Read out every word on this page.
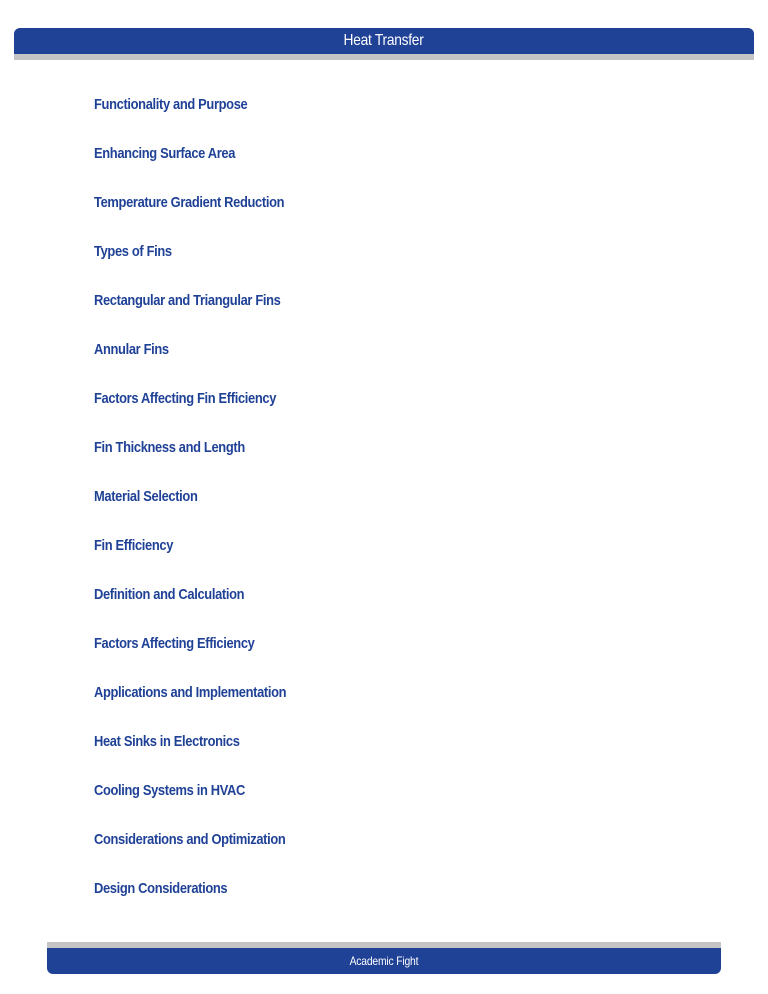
Heat Transfer
Functionality and Purpose
Enhancing Surface Area
Temperature Gradient Reduction
Types of Fins
Rectangular and Triangular Fins
Annular Fins
Factors Affecting Fin Efficiency
Fin Thickness and Length
Material Selection
Fin Efficiency
Definition and Calculation
Factors Affecting Efficiency
Applications and Implementation
Heat Sinks in Electronics
Cooling Systems in HVAC
Considerations and Optimization
Design Considerations
Academic Fight
